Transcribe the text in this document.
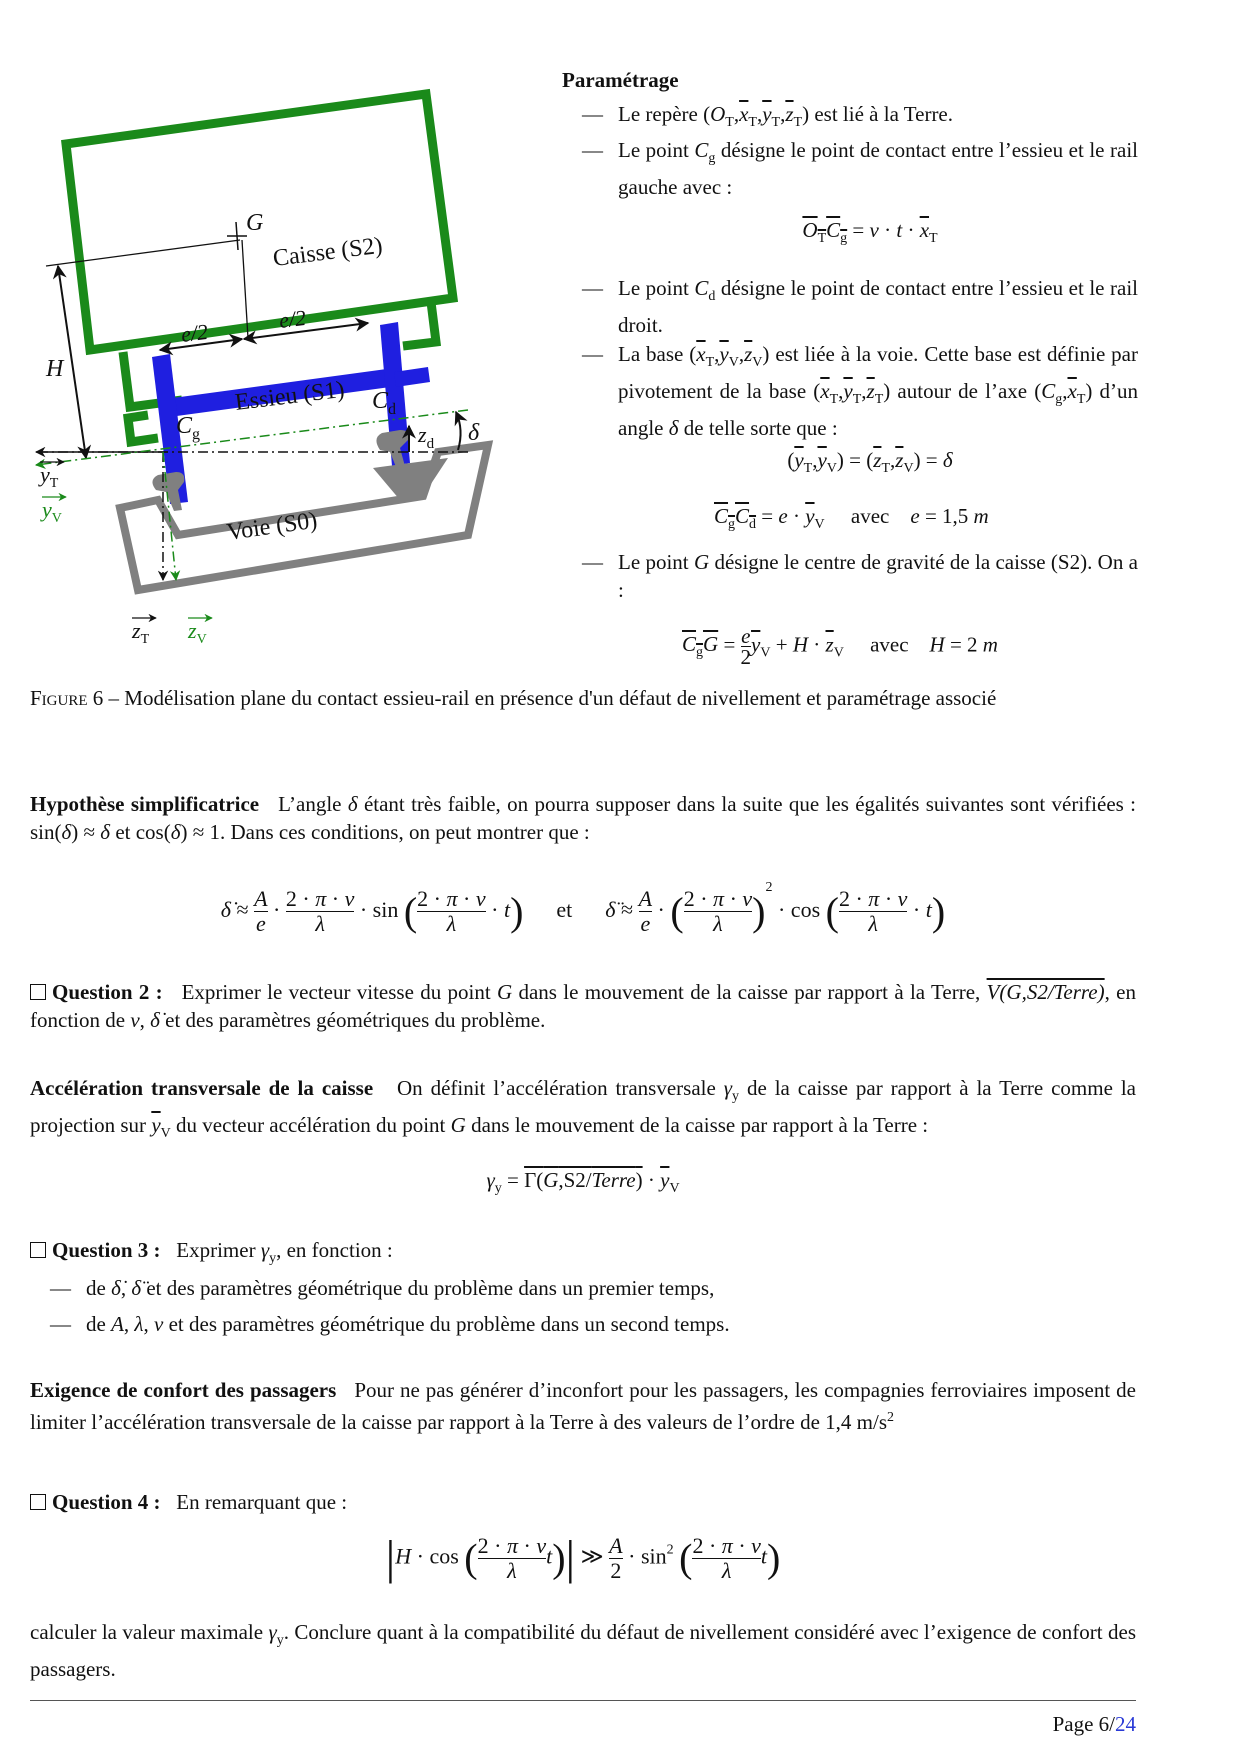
Caisse (S2)
Essieu (S1)
Voie (S0)
G
H
e/2	e/2
$C_g$
$C_d$
$z_d$ δ
$y_T$
$y_V$
$z_T$ $z_V$
Paramétrage
— Le repère $(O_T,\overline{x}_T,\overline{y}_T,\overline{z}_T)$ est lié à la Terre.
— Le point $C_g$ désigne le point de contact entre l’essieu et le rail gauche avec :
$O_TC_g = v \cdot t \cdot \overline{x}_T$
— Le point $C_d$ désigne le point de contact entre l’essieu et le rail droit.
— La base $(\overline{x}_T,\overline{y}_V,\overline{z}_V)$ est liée à la voie. Cette base est définie par pivotement de la base $(\overline{x}_T,\overline{y}_T,\overline{z}_T)$ autour de l’axe $(C_g,\overline{x}_T)$ d’un angle δ de telle sorte que :
$(\overline{y}_T,\overline{y}_V) = (\overline{z}_T,\overline{z}_V) = \delta$
$C_gC_d = e \cdot \overline{y}_V$     avec    e = 1,5 m
— Le point G désigne le centre de gravité de la caisse (S2). On a :
$C_gG = \frac{e}{2} \overline{y}_V + H \cdot \overline{z}_V$     avec    H = 2 m
Figure 6 – Modélisation plane du contact essieu-rail en présence d'un défaut de nivellement et paramétrage associé
Hypothèse simplificatrice   L’angle δ étant très faible, on pourra supposer dans la suite que les égalités suivantes sont vérifiées : sin(δ) ≈ δ et cos(δ) ≈ 1. Dans ces conditions, on peut montrer que :
δ̇ ≈ $\frac{A}{e} \cdot \frac{2 \cdot \pi \cdot v}{\lambda} \cdot \sin$ ( $\frac{2 \cdot \pi \cdot v}{\lambda} \cdot t$)      et      δ̈ ≈ $\frac{A}{e}$ · ( $\frac{2 \cdot \pi \cdot v}{\lambda} )^2 \cdot \cos$ ( $\frac{2 \cdot \pi \cdot v}{\lambda} \cdot t$)
Question 2 :   Exprimer le vecteur vitesse du point G dans le mouvement de la caisse par rapport à la Terre, V(G,S2/Terre), en fonction de v, δ̇ et des paramètres géométriques du problème.
Accélération transversale de la caisse   On définit l’accélération transversale $\gamma_y$ de la caisse par rapport à la Terre comme la projection sur $\overline{y}_V$ du vecteur accélération du point G dans le mouvement de la caisse par rapport à la Terre :
$\gamma_y$ = Γ(G,S2/Terre) · $\overline{y}_V$
Question 3 :   Exprimer $\gamma_y$, en fonction :
— de δ̇, δ̈ et des paramètres géométrique du problème dans un premier temps,
— de A, λ, v et des paramètres géométrique du problème dans un second temps.
Exigence de confort des passagers   Pour ne pas générer d’inconfort pour les passagers, les compagnies ferroviaires imposent de limiter l’accélération transversale de la caisse par rapport à la Terre à des valeurs de l’ordre de 1,4 $m/s^2$
Question 4 : En remarquant que :
|H · cos ( $\frac{2 \cdot \pi \cdot v}{\lambda} t)|$ ≫ $\frac{A}{2} \cdot \sin^2$ ( $\frac{2 \cdot \pi \cdot v}{\lambda} t$)
calculer la valeur maximale $\gamma_y$. Conclure quant à la compatibilité du défaut de nivellement considéré avec l’exigence de confort des passagers.
Page 6/24
